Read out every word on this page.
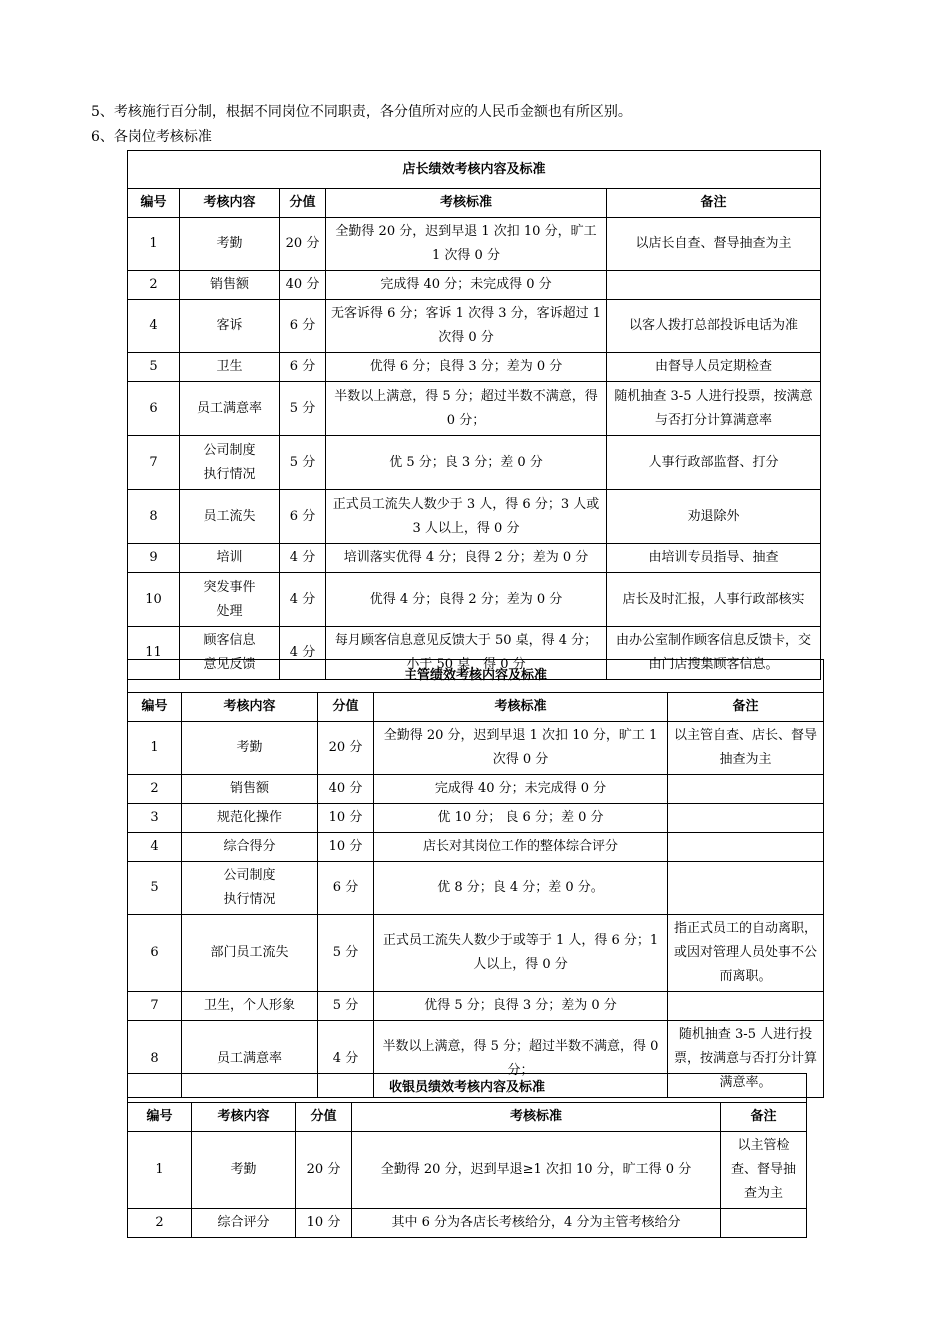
5、考核施行百分制，根据不同岗位不同职责，各分值所对应的人民币金额也有所区别。
6、各岗位考核标准
店长绩效考核内容及标准				
编号	考核内容	分值	考核标准	备注
1	考勤	20 分	全勤得 20 分，迟到早退 1 次扣 10 分，旷工 1 次得 0 分	以店长自查、督导抽查为主
2	销售额	40 分	完成得 40 分；未完成得 0 分	
4	客诉	6 分	无客诉得 6 分；客诉 1 次得 3 分，客诉超过 1 次得 0 分	以客人拨打总部投诉电话为准
5	卫生	6 分	优得 6 分；良得 3 分；差为 0 分	由督导人员定期检查
6	员工满意率	5 分	半数以上满意，得 5 分；超过半数不满意，得 0 分；	随机抽查 3-5 人进行投票，按满意与否打分计算满意率
7	公司制度
执行情况	5 分	优 5 分；良 3 分；差 0 分	人事行政部监督、打分
8	员工流失	6 分	正式员工流失人数少于 3 人，得 6 分；3 人或 3 人以上，得 0 分	劝退除外
9	培训	4 分	培训落实优得 4 分；良得 2 分；差为 0 分	由培训专员指导、抽查
10	突发事件
处理	4 分	优得 4 分；良得 2 分；差为 0 分	店长及时汇报，人事行政部核实
11	顾客信息
意见反馈	4 分	每月顾客信息意见反馈大于 50 桌，得 4 分；小于 50 桌，得 0 分	由办公室制作顾客信息反馈卡，交由门店搜集顾客信息。
主管绩效考核内容及标准				
编号	考核内容	分值	考核标准	备注
1	考勤	20 分	全勤得 20 分，迟到早退 1 次扣 10 分，旷工 1 次得 0 分	以主管自查、店长、督导抽查为主
2	销售额	40 分	完成得 40 分；未完成得 0 分	
3	规范化操作	10 分	优 10 分； 良 6 分；差 0 分	
4	综合得分	10 分	店长对其岗位工作的整体综合评分	
5	公司制度
执行情况	6 分	优 8 分；良 4 分；差 0 分。	
6	部门员工流失	5 分	正式员工流失人数少于或等于 1 人，得 6 分；1 人以上，得 0 分	指正式员工的自动离职，或因对管理人员处事不公而离职。
7	卫生，个人形象	5 分	优得 5 分；良得 3 分；差为 0 分	
8	员工满意率	4 分	半数以上满意，得 5 分；超过半数不满意，得 0 分；	随机抽查 3-5 人进行投票，按满意与否打分计算满意率。
收银员绩效考核内容及标准				
编号	考核内容	分值	考核标准	备注
1	考勤	20 分	全勤得 20 分，迟到早退≥1 次扣 10 分，旷工得 0 分	以主管检查、督导抽查为主
2	综合评分	10 分	其中 6 分为各店长考核给分，4 分为主管考核给分	
